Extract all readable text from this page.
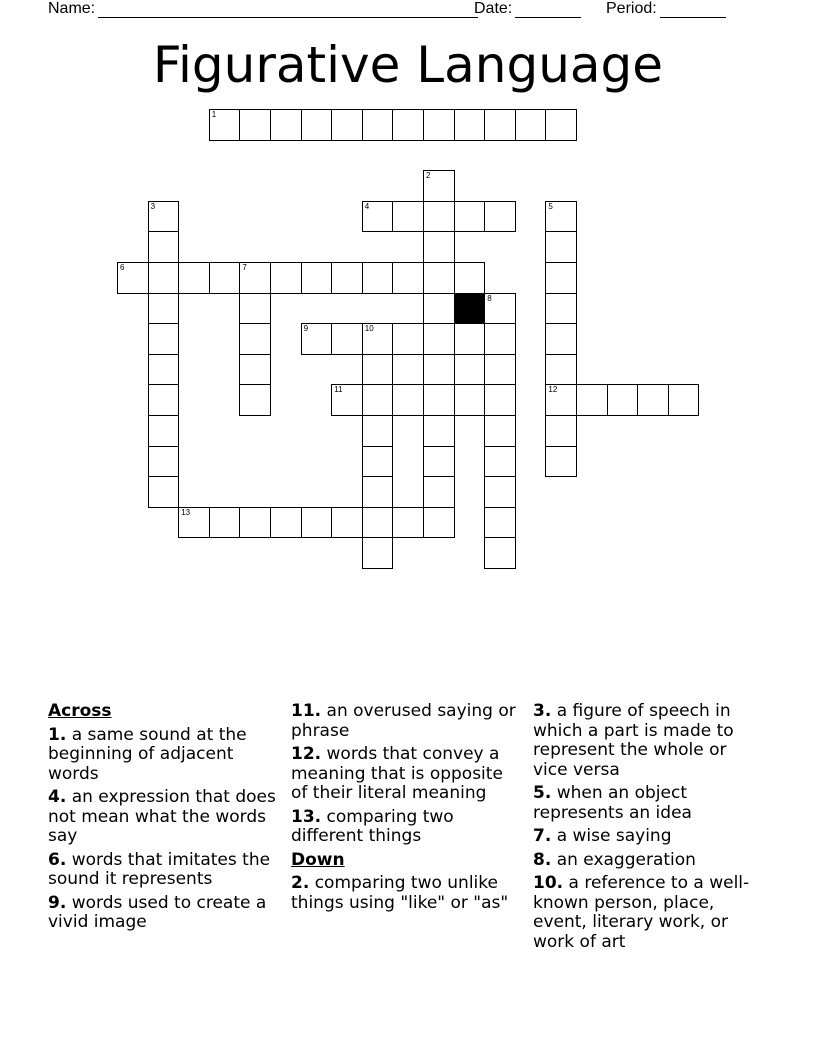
Name:	Date:	Period:
Figurative Language
1
2
3	4	5
12
6	7
8
9	10
11
13
Across
1. a same sound at the beginning of adjacent words
4. an expression that does not mean what the words say
6. words that imitates the sound it represents
9. words used to create a vivid image
11. an overused saying or phrase
12. words that convey a meaning that is opposite of their literal meaning
13. comparing two different things
Down
2. comparing two unlike things using "like" or "as"
3. a figure of speech in which a part is made to represent the whole or vice versa
5. when an object represents an idea
7. a wise saying
8. an exaggeration
10. a reference to a well-known person, place, event, literary work, or work of art
